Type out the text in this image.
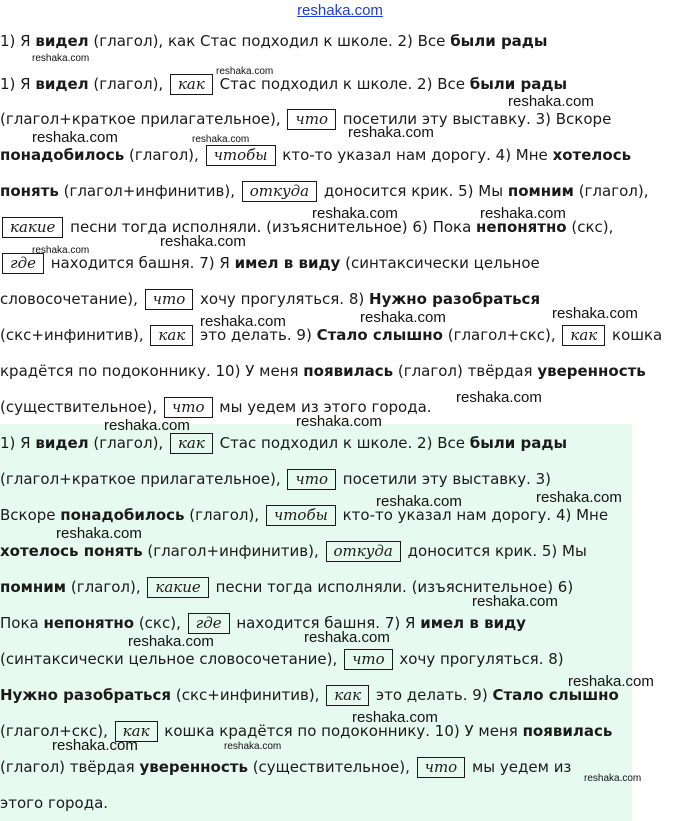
reshaka.com
1) Я видел (глагол), как Стас подходил к школе. 2) Все были рады
1) Я видел (глагол), как Стас подходил к школе. 2) Все были рады
(глагол+краткое прилагательное), что посетили эту выставку. 3) Вскоре
понадобилось (глагол), чтобы кто-то указал нам дорогу. 4) Мне хотелось
понять (глагол+инфинитив), откуда доносится крик. 5) Мы помним (глагол),
какие песни тогда исполняли. (изъяснительное) 6) Пока непонятно (скс),
где находится башня. 7) Я имел в виду (синтаксически цельное
словосочетание), что хочу прогуляться. 8) Нужно разобраться
(скс+инфинитив), как это делать. 9) Стало слышно (глагол+скс), как кошка
крадётся по подоконнику. 10) У меня появилась (глагол) твёрдая уверенность
(существительное), что мы уедем из этого города.
1) Я видел (глагол), как Стас подходил к школе. 2) Все были рады
(глагол+краткое прилагательное), что посетили эту выставку. 3)
Вскоре понадобилось (глагол), чтобы кто-то указал нам дорогу. 4) Мне
хотелось понять (глагол+инфинитив), откуда доносится крик. 5) Мы
помним (глагол), какие песни тогда исполняли. (изъяснительное) 6)
Пока непонятно (скс), где находится башня. 7) Я имел в виду
(синтаксически цельное словосочетание), что хочу прогуляться. 8)
Нужно разобраться (скс+инфинитив), как это делать. 9) Стало слышно
(глагол+скс), как кошка крадётся по подоконнику. 10) У меня появилась
(глагол) твёрдая уверенность (существительное), что мы уедем из
этого города.
reshaka.com
reshaka.com
reshaka.com
reshaka.com
reshaka.com	reshaka.com
reshaka.com	reshaka.com
reshaka.com
reshaka.com
reshaka.com
reshaka.com
reshaka.com
reshaka.com
reshaka.com
reshaka.com
reshaka.com
reshaka.com
reshaka.com
reshaka.com
reshaka.com
reshaka.com
reshaka.com
reshaka.com
reshaka.com	reshaka.com
reshaka.com
